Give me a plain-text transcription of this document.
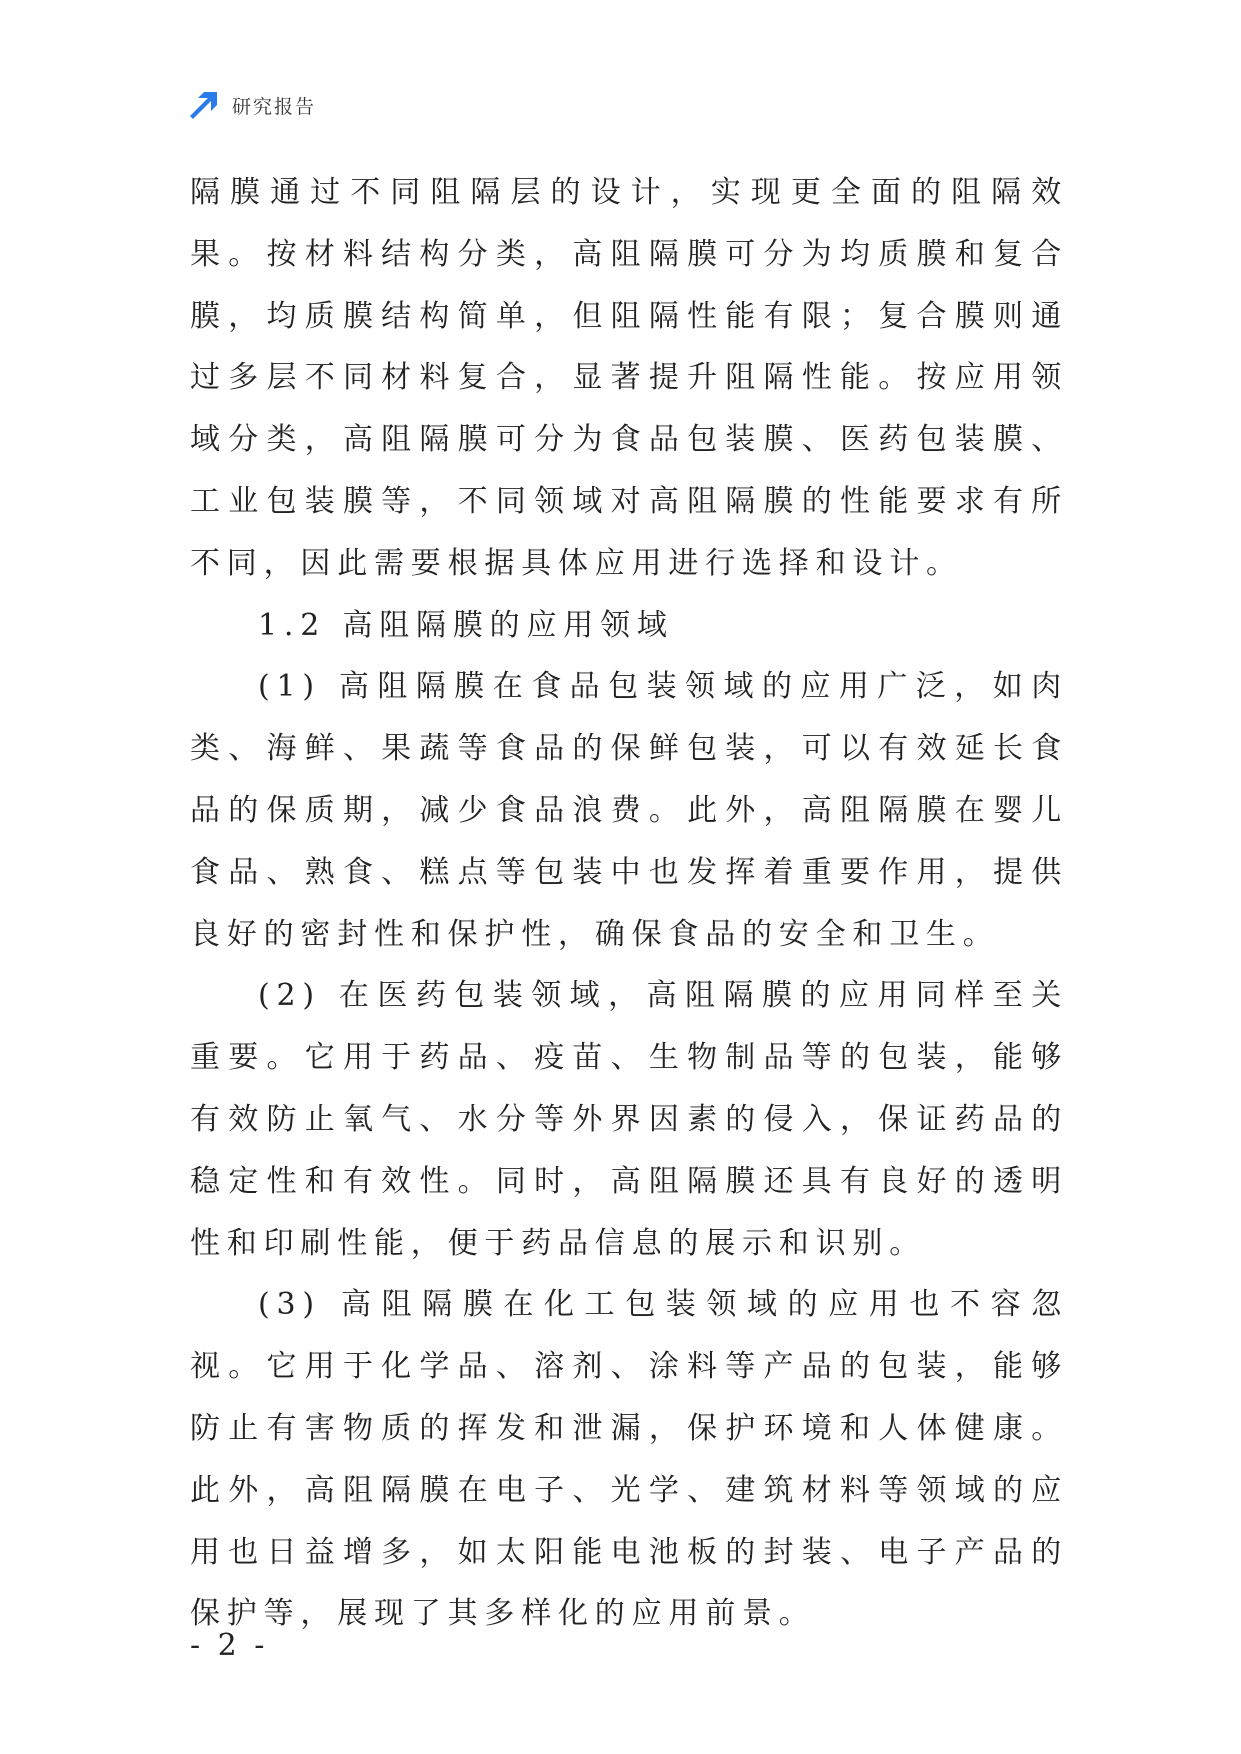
研究报告

隔膜通过不同阻隔层的设计，实现更全面的阻隔效果。按材料结构分类，高阻隔膜可分为均质膜和复合膜，均质膜结构简单，但阻隔性能有限；复合膜则通过多层不同材料复合，显著提升阻隔性能。按应用领域分类，高阻隔膜可分为食品包装膜、医药包装膜、工业包装膜等，不同领域对高阻隔膜的性能要求有所不同，因此需要根据具体应用进行选择和设计。

1.2 高阻隔膜的应用领域

(1) 高阻隔膜在食品包装领域的应用广泛，如肉类、海鲜、果蔬等食品的保鲜包装，可以有效延长食品的保质期，减少食品浪费。此外，高阻隔膜在婴儿食品、熟食、糕点等包装中也发挥着重要作用，提供良好的密封性和保护性，确保食品的安全和卫生。

(2) 在医药包装领域，高阻隔膜的应用同样至关重要。它用于药品、疫苗、生物制品等的包装，能够有效防止氧气、水分等外界因素的侵入，保证药品的稳定性和有效性。同时，高阻隔膜还具有良好的透明性和印刷性能，便于药品信息的展示和识别。

(3) 高阻隔膜在化工包装领域的应用也不容忽视。它用于化学品、溶剂、涂料等产品的包装，能够防止有害物质的挥发和泄漏，保护环境和人体健康。此外，高阻隔膜在电子、光学、建筑材料等领域的应用也日益增多，如太阳能电池板的封装、电子产品的保护等，展现了其多样化的应用前景。

- 2 -
